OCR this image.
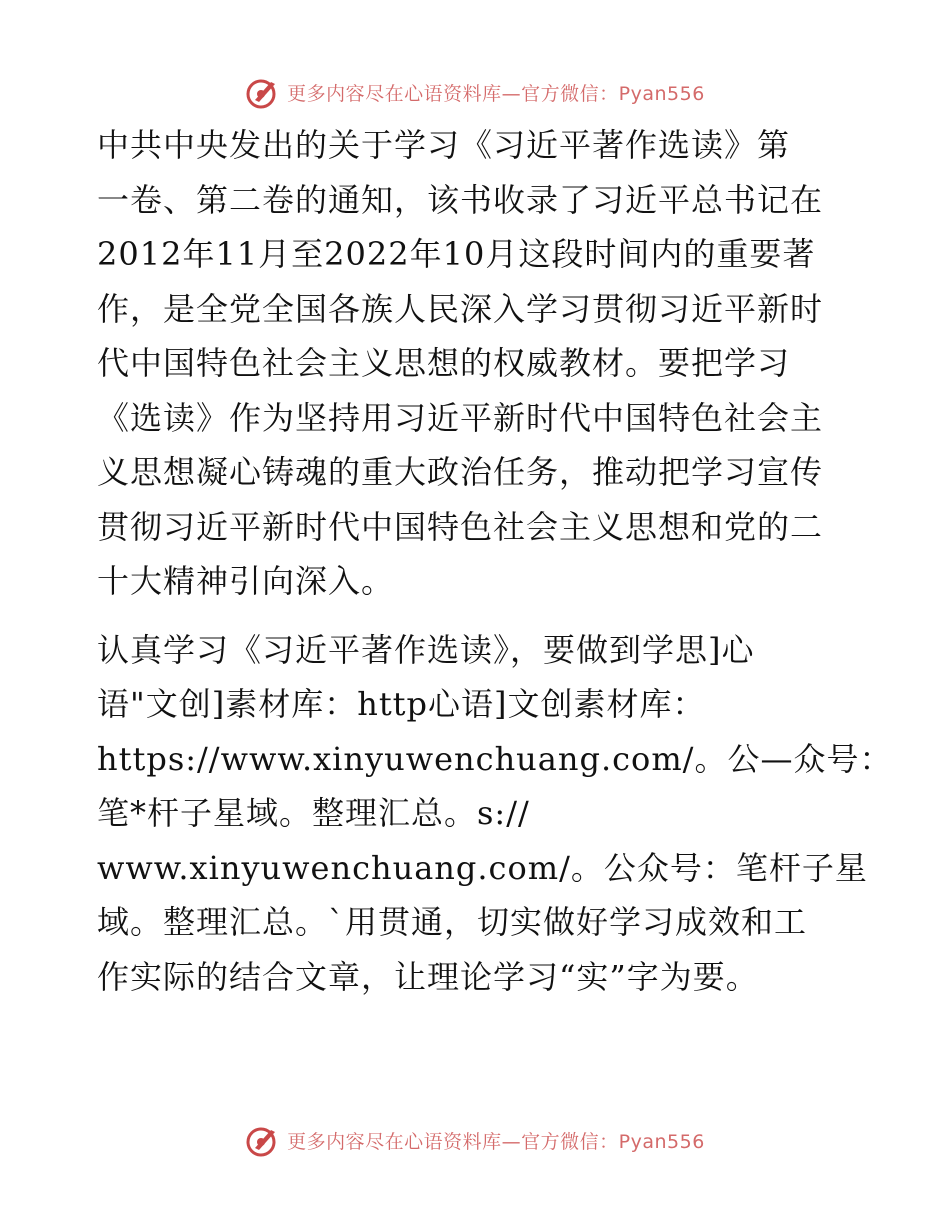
更多内容尽在心语资料库—官方微信：Pyan556
中共中央发出的关于学习《习近平著作选读》第
一卷、第二卷的通知，该书收录了习近平总书记在
2012年11月至2022年10月这段时间内的重要著
作，是全党全国各族人民深入学习贯彻习近平新时
代中国特色社会主义思想的权威教材。要把学习
《选读》作为坚持用习近平新时代中国特色社会主
义思想凝心铸魂的重大政治任务，推动把学习宣传
贯彻习近平新时代中国特色社会主义思想和党的二
十大精神引向深入。
认真学习《习近平著作选读》，要做到学思]心
语"文创]素材库：http心语]文创素材库：
https://www.xinyuwenchuang.com/。公—众号：
笔*杆子星域。整理汇总。s://
www.xinyuwenchuang.com/。公众号：笔杆子星
域。整理汇总。`用贯通，切实做好学习成效和工
作实际的结合文章，让理论学习“实”字为要。
更多内容尽在心语资料库—官方微信：Pyan556
